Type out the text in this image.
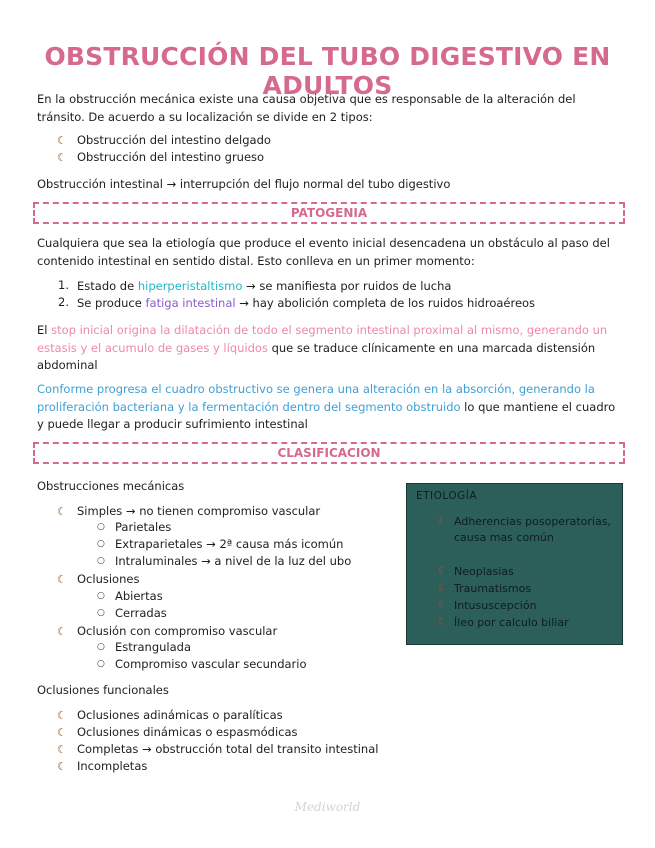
OBSTRUCCIÓN DEL TUBO DIGESTIVO EN ADULTOS
En la obstrucción mecánica existe una causa objetiva que es responsable de la alteración del tránsito. De acuerdo a su localización se divide en 2 tipos:
☾ Obstrucción del intestino delgado
☾ Obstrucción del intestino grueso
Obstrucción intestinal → interrupción del flujo normal del tubo digestivo
PATOGENIA
Cualquiera que sea la etiología que produce el evento inicial desencadena un obstáculo al paso del contenido intestinal en sentido distal. Esto conlleva en un primer momento:
1. Estado de hiperperistaltismo → se manifiesta por ruidos de lucha
2. Se produce fatiga intestinal → hay abolición completa de los ruidos hidroaéreos
El stop inicial origina la dilatación de todo el segmento intestinal proximal al mismo, generando un estasis y el acumulo de gases y líquidos que se traduce clínicamente en una marcada distensión abdominal
Conforme progresa el cuadro obstructivo se genera una alteración en la absorción, generando la proliferación bacteriana y la fermentación dentro del segmento obstruido lo que mantiene el cuadro y puede llegar a producir sufrimiento intestinal
CLASIFICACION
Obstrucciones mecánicas
☾ Simples → no tienen compromiso vascular
○ Parietales
○ Extraparietales → 2ª causa más icomún
○ Intraluminales → a nivel de la luz del ubo
☾ Oclusiones
○ Abiertas
○ Cerradas
☾ Oclusión con compromiso vascular
○ Estrangulada
○ Compromiso vascular secundario
Oclusiones funcionales
☾ Oclusiones adinámicas o paralíticas
☾ Oclusiones dinámicas o espasmódicas
☾ Completas → obstrucción total del transito intestinal
☾ Incompletas
ETIOLOGÍA
☾ Adherencias posoperatorias, causa mas común
☾ Neoplasias
☾ Traumatismos
☾ Intususcepción
☾ Íleo por calculo biliar
Mediworld
